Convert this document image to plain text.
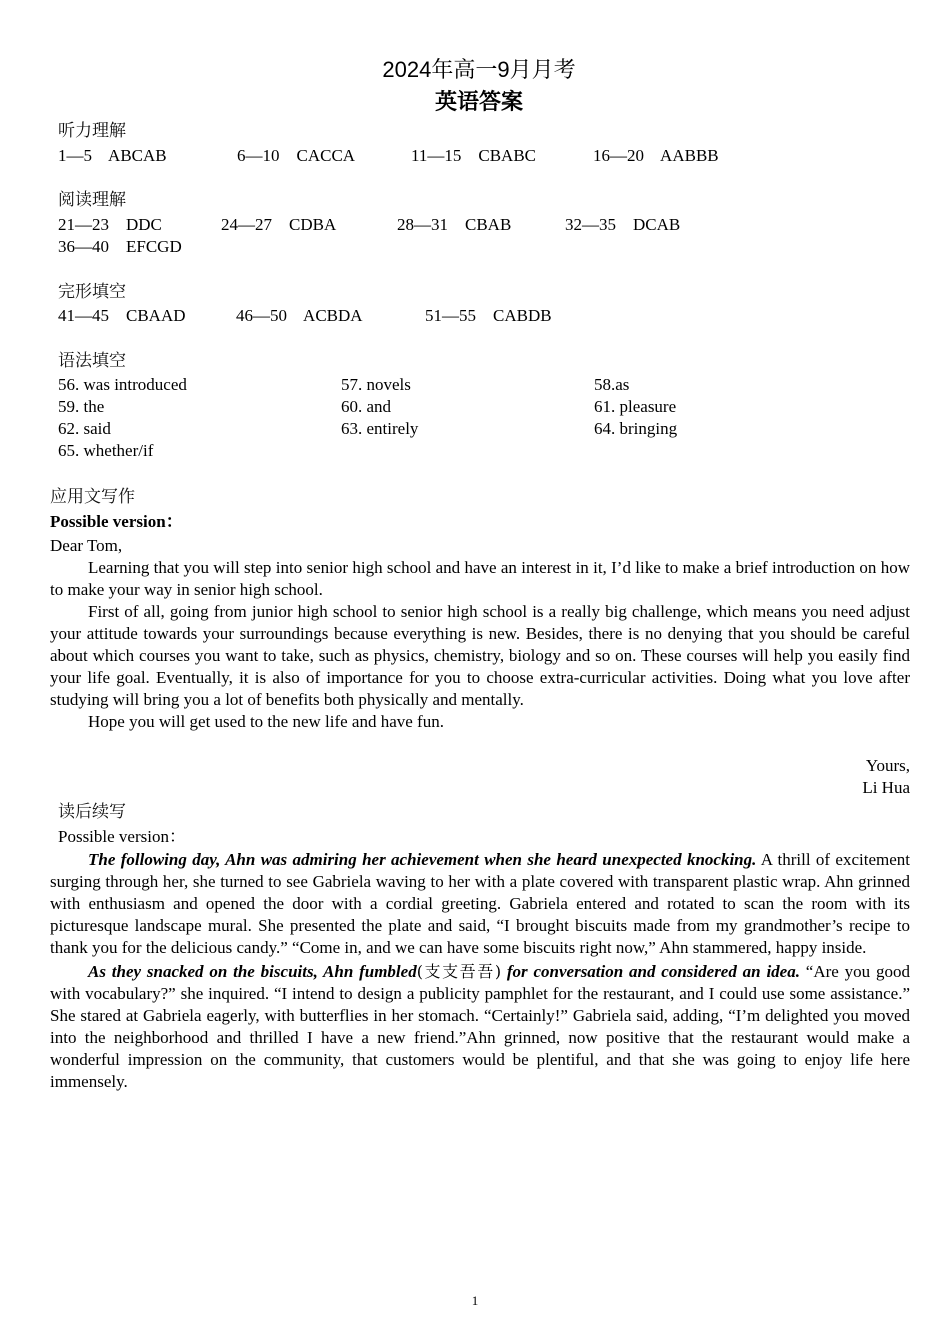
2024年高一9月月考
英语答案
听力理解
1—5    ABCAB	6—10    CACCA	11—15    CBABC	16—20    AABBB
阅读理解
21—23    DDC	24—27    CDBA	28—31    CBAB	32—35    DCAB
36—40    EFCGD
完形填空
41—45    CBAAD	46—50    ACBDA	51—55    CABDB
语法填空
56. was introduced	57. novels	58.as
59. the	60. and	61. pleasure
62. said	63. entirely	64. bringing
65. whether/if
应用文写作
Possible version：
Dear Tom,

Learning that you will step into senior high school and have an interest in it, I’d like to make a brief introduction on how to make your way in senior high school.

First of all, going from junior high school to senior high school is a really big challenge, which means you need adjust your attitude towards your surroundings because everything is new. Besides, there is no denying that you should be careful about which courses you want to take, such as physics, chemistry, biology and so on. These courses will help you easily find your life goal. Eventually, it is also of importance for you to choose extra-curricular activities. Doing what you love after studying will bring you a lot of benefits both physically and mentally.

Hope you will get used to the new life and have fun.

Yours,
Li Hua
读后续写
Possible version：

The following day, Ahn was admiring her achievement when she heard unexpected knocking. A thrill of excitement surging through her, she turned to see Gabriela waving to her with a plate covered with transparent plastic wrap. Ahn grinned with enthusiasm and opened the door with a cordial greeting. Gabriela entered and rotated to scan the room with its picturesque landscape mural. She presented the plate and said, “I brought biscuits made from my grandmother’s recipe to thank you for the delicious candy.” “Come in, and we can have some biscuits right now,” Ahn stammered, happy inside.

As they snacked on the biscuits, Ahn fumbled(支支吾吾) for conversation and considered an idea. “Are you good with vocabulary?” she inquired. “I intend to design a publicity pamphlet for the restaurant, and I could use some assistance.” She stared at Gabriela eagerly, with butterflies in her stomach. “Certainly!” Gabriela said, adding, “I’m delighted you moved into the neighborhood and thrilled I have a new friend.”Ahn grinned, now positive that the restaurant would make a wonderful impression on the community, that customers would be plentiful, and that she was going to enjoy life here immensely.

1
